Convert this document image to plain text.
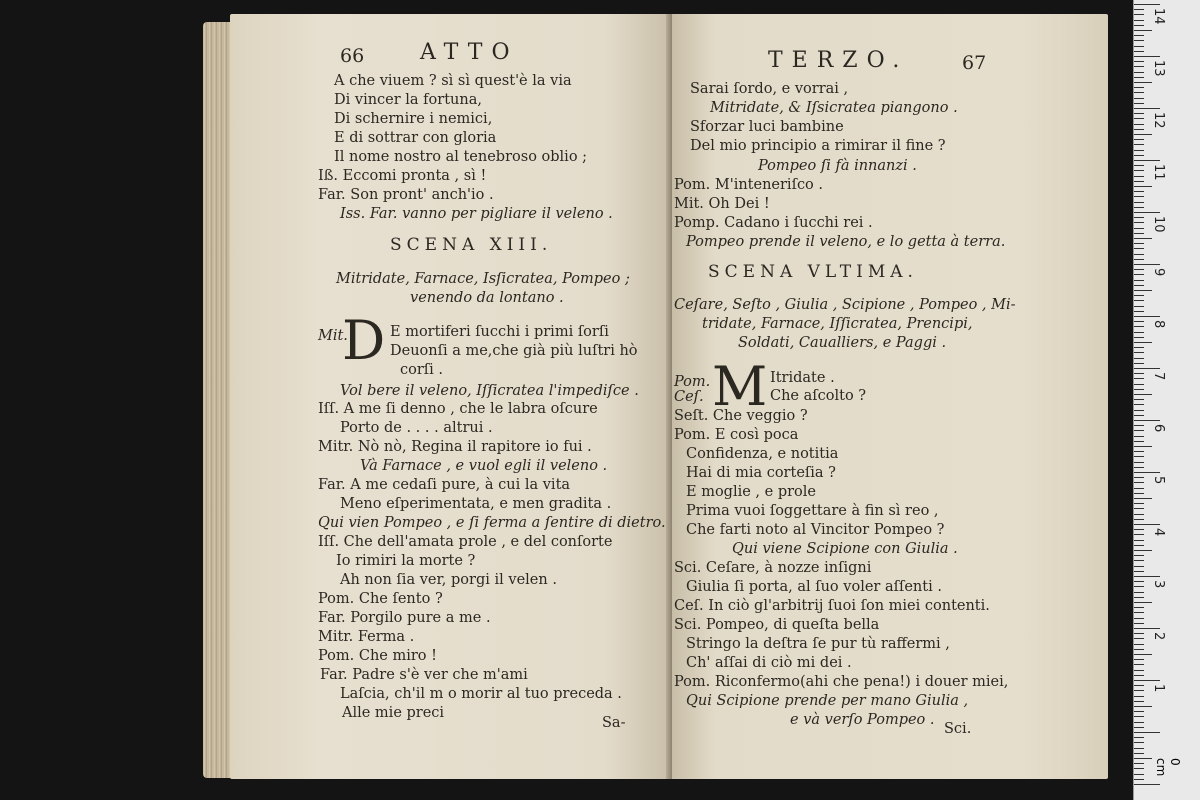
66	ATTO
A che viuem ? sì sì quest'è la via
Di vincer la fortuna,
Di schernire i nemici,
E di sottrar con gloria
Il nome nostro al tenebroso oblio ;
Iß. Eccomi pronta , sì !
Far. Son pront' anch'io .
Iss. Far. vanno per pigliare il veleno .
SCENA XIII.
Mitridate, Farnace, Isſicratea, Pompeo ;
venendo da lontano .
Mit.
D E mortiferi ſucchi i primi ſorſi
Deuonſi a me,che già più luſtri hò
corſi .
Vol bere il veleno, Iſſicratea l'impediſce .
Iſſ. A me ſi denno , che le labra oſcure
Porto de . . . . altrui .
Mitr. Nò nò, Regina il rapitore io fui .
Và Farnace , e vuol egli il veleno .
Far. A me cedaſi pure, à cui la vita
Meno eſperimentata, e men gradita .
Qui vien Pompeo , e ſi ferma a ſentire di dietro.
Iſſ. Che dell'amata prole , e del conſorte
Io rimiri la morte ?
Ah non ſia ver, porgi il velen .
Pom. Che ſento ?
Far. Porgilo pure a me .
Mitr. Ferma .
Pom. Che miro !
Far. Padre s'è ver che m'ami
Laſcia, ch'il m o morir al tuo preceda .
Alle mie preci
Sa-
TERZO.	67
Sarai ſordo, e vorrai ,
Mitridate, & Iſsicratea piangono .
Sforzar luci bambine
Del mio principio a rimirar il fine ?
Pompeo ſi fà innanzi .
Pom. M'inteneriſco .
Mit. Oh Dei !
Pomp. Cadano i ſucchi rei .
Pompeo prende il veleno, e lo getta à terra.
SCENA VLTIMA.
Ceſare, Seſto , Giulia , Scipione , Pompeo , Mi-
tridate, Farnace, Iſſicratea, Prencipi,
Soldati, Caualliers, e Paggi .
Pom. M Itridate .
Ceſ.	Che aſcolto ?
Seſt. Che veggio ?
Pom. E così poca
Confidenza, e notitia
Hai di mia corteſia ?
E moglie , e prole
Prima vuoi ſoggettare à fin sì reo ,
Che farti noto al Vincitor Pompeo ?
Qui viene Scipione con Giulia .
Sci. Ceſare, à nozze inſigni
Giulia ſi porta, al ſuo voler aſſenti .
Ceſ. In ciò gl'arbitrij ſuoi ſon miei contenti.
Sci. Pompeo, di queſta bella
Stringo la deſtra ſe pur tù raffermi ,
Ch' aſſai di ciò mi dei .
Pom. Riconfermo(ahi che pena!) i douer miei,
Qui Scipione prende per mano Giulia ,
e và verſo Pompeo .
Sci.
14
13
12
11
10
9
8
7
6
5
4
3
2
1
0 cm
